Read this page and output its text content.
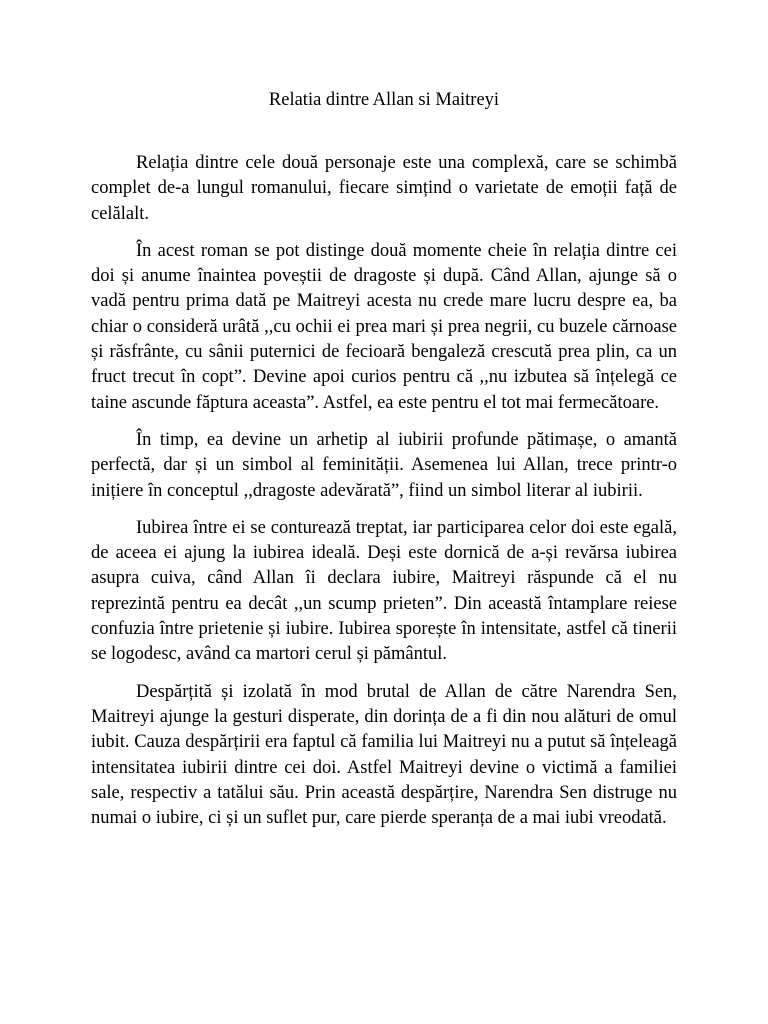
Relatia dintre Allan si Maitreyi

Relația dintre cele două personaje este una complexă, care se schimbă complet de-a lungul romanului, fiecare simțind o varietate de emoții față de celălalt.

În acest roman se pot distinge două momente cheie în relația dintre cei doi și anume înaintea poveștii de dragoste și după. Când Allan, ajunge să o vadă pentru prima dată pe Maitreyi acesta nu crede mare lucru despre ea, ba chiar o consideră urâtă ,,cu ochii ei prea mari și prea negrii, cu buzele cărnoase și răsfrânte, cu sânii puternici de fecioară bengaleză crescută prea plin, ca un fruct trecut în copt”. Devine apoi curios pentru că ,,nu izbutea să înțelegă ce taine ascunde făptura aceasta”. Astfel, ea este pentru el tot mai fermecătoare.

În timp, ea devine un arhetip al iubirii profunde pătimașe, o amantă perfectă, dar și un simbol al feminității. Asemenea lui Allan, trece printr-o inițiere în conceptul ,,dragoste adevărată”, fiind un simbol literar al iubirii.

Iubirea între ei se conturează treptat, iar participarea celor doi este egală, de aceea ei ajung la iubirea ideală. Deși este dornică de a-și revărsa iubirea asupra cuiva, când Allan îi declara iubire, Maitreyi răspunde că el nu reprezintă pentru ea decât ,,un scump prieten”. Din această întamplare reiese confuzia între prietenie și iubire. Iubirea sporește în intensitate, astfel că tinerii se logodesc, având ca martori cerul și pământul.

Despărțită și izolată în mod brutal de Allan de către Narendra Sen, Maitreyi ajunge la gesturi disperate, din dorința de a fi din nou alături de omul iubit. Cauza despărțirii era faptul că familia lui Maitreyi nu a putut să înțeleagă intensitatea iubirii dintre cei doi. Astfel Maitreyi devine o victimă a familiei sale, respectiv a tatălui său. Prin această despărțire, Narendra Sen distruge nu numai o iubire, ci și un suflet pur, care pierde speranța de a mai iubi vreodată.
